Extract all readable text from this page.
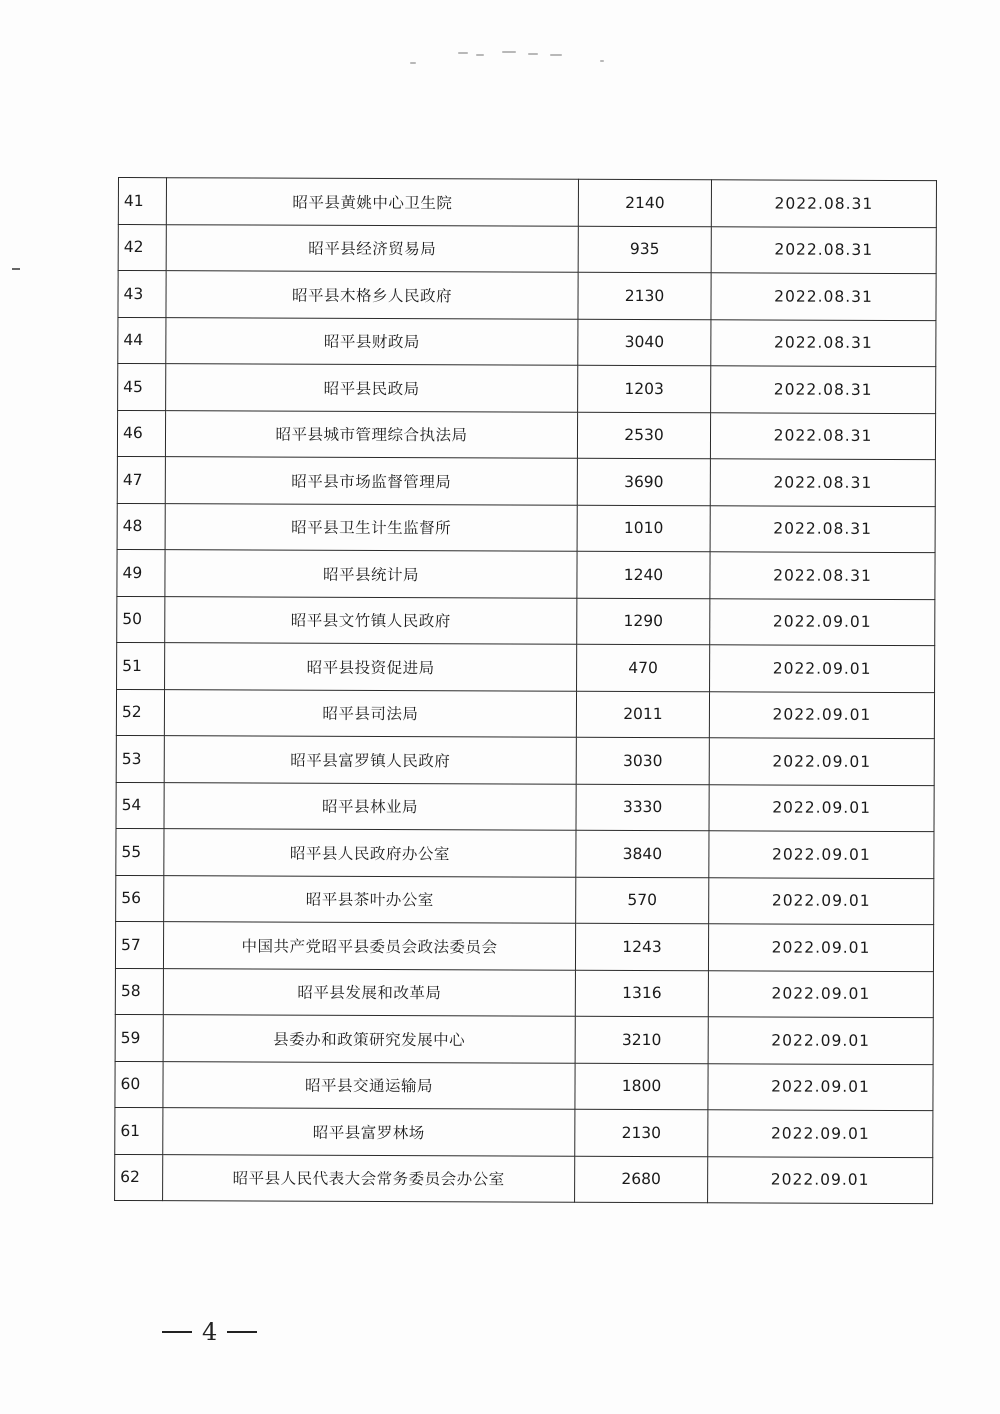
41	昭平县黄姚中心卫生院	2140	2022.08.31
42	昭平县经济贸易局	935	2022.08.31
43	昭平县木格乡人民政府	2130	2022.08.31
44	昭平县财政局	3040	2022.08.31
45	昭平县民政局	1203	2022.08.31
46	昭平县城市管理综合执法局	2530	2022.08.31
47	昭平县市场监督管理局	3690	2022.08.31
48	昭平县卫生计生监督所	1010	2022.08.31
49	昭平县统计局	1240	2022.08.31
50	昭平县文竹镇人民政府	1290	2022.09.01
51	昭平县投资促进局	470	2022.09.01
52	昭平县司法局	2011	2022.09.01
53	昭平县富罗镇人民政府	3030	2022.09.01
54	昭平县林业局	3330	2022.09.01
55	昭平县人民政府办公室	3840	2022.09.01
56	昭平县茶叶办公室	570	2022.09.01
57	中国共产党昭平县委员会政法委员会	1243	2022.09.01
58	昭平县发展和改革局	1316	2022.09.01
59	县委办和政策研究发展中心	3210	2022.09.01
60	昭平县交通运输局	1800	2022.09.01
61	昭平县富罗林场	2130	2022.09.01
62	昭平县人民代表大会常务委员会办公室	2680	2022.09.01
4
